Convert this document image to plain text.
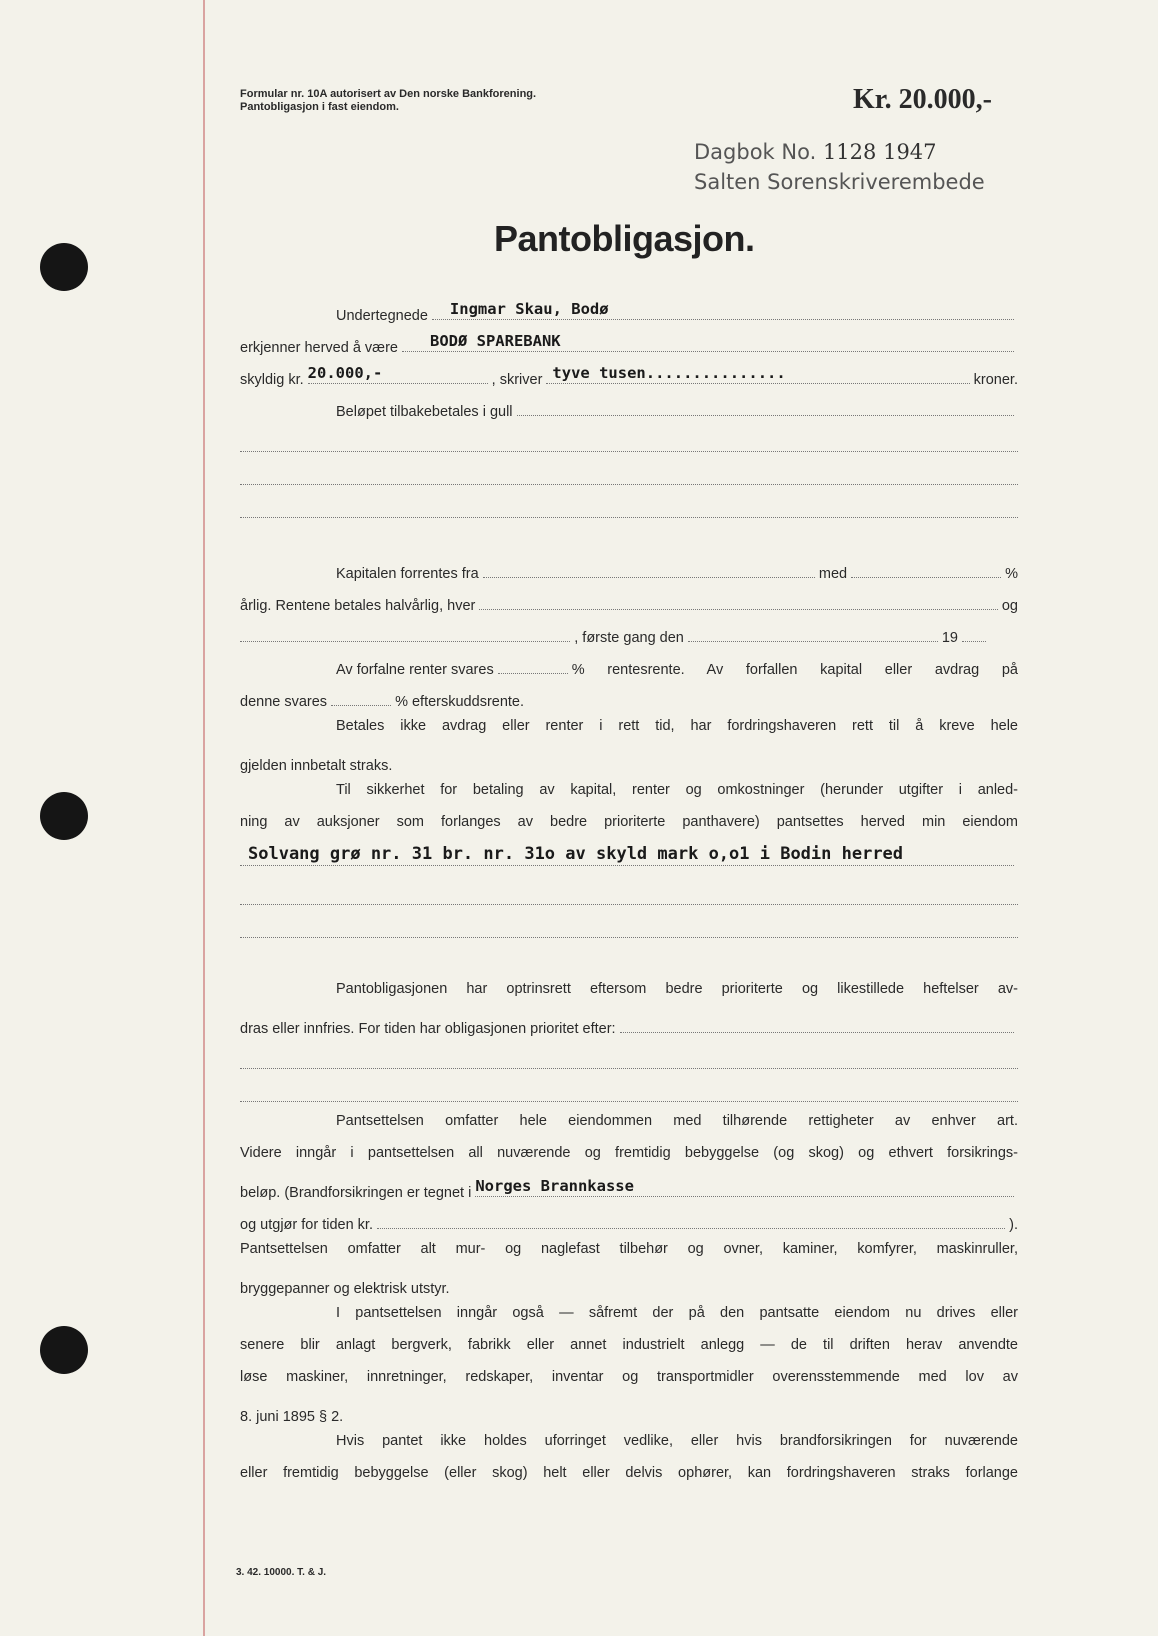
Formular nr. 10A autorisert av Den norske Bankforening.
Pantobligasjon i fast eiendom.	Kr. 20.000,-
Dagbok No. 1128 1947
Salten Sorenskriverembede
Pantobligasjon.
Undertegnede Ingmar Skau, Bodø
erkjenner herved å være BODØ SPAREBANK
skyldig kr. 20.000,-	, skriver tyve tusen...............	kroner.
Beløpet tilbakebetales i gull
Kapitalen forrentes fra	med	%
årlig. Rentene betales halvårlig, hver	og
, første gang den	19
Av forfalne renter svares	% rentesrente. Av forfallen kapital eller avdrag på
denne svares	% efterskuddsrente.
Betales ikke avdrag eller renter i rett tid, har fordringshaveren rett til å kreve hele
gjelden innbetalt straks.
Til sikkerhet for betaling av kapital, renter og omkostninger (herunder utgifter i anled-
ning av auksjoner som forlanges av bedre prioriterte panthavere) pantsettes herved min eiendom
Solvang grø nr. 31 br. nr. 31o av skyld mark o,o1 i Bodin herred
Pantobligasjonen har optrinsrett eftersom bedre prioriterte og likestillede heftelser av-
dras eller innfries. For tiden har obligasjonen prioritet efter:
Pantsettelsen omfatter hele eiendommen med tilhørende rettigheter av enhver art.
Videre inngår i pantsettelsen all nuværende og fremtidig bebyggelse (og skog) og ethvert forsikrings-
beløp. (Brandforsikringen er tegnet i Norges Brannkasse
og utgjør for tiden kr.	).
Pantsettelsen omfatter alt mur- og naglefast tilbehør og ovner, kaminer, komfyrer, maskinruller,
bryggepanner og elektrisk utstyr.
I pantsettelsen inngår også — såfremt der på den pantsatte eiendom nu drives eller
senere blir anlagt bergverk, fabrikk eller annet industrielt anlegg — de til driften herav anvendte
løse maskiner, innretninger, redskaper, inventar og transportmidler overensstemmende med lov av
8. juni 1895 § 2.
Hvis pantet ikke holdes uforringet vedlike, eller hvis brandforsikringen for nuværende
eller fremtidig bebyggelse (eller skog) helt eller delvis ophører, kan fordringshaveren straks forlange
3. 42. 10000. T. & J.
